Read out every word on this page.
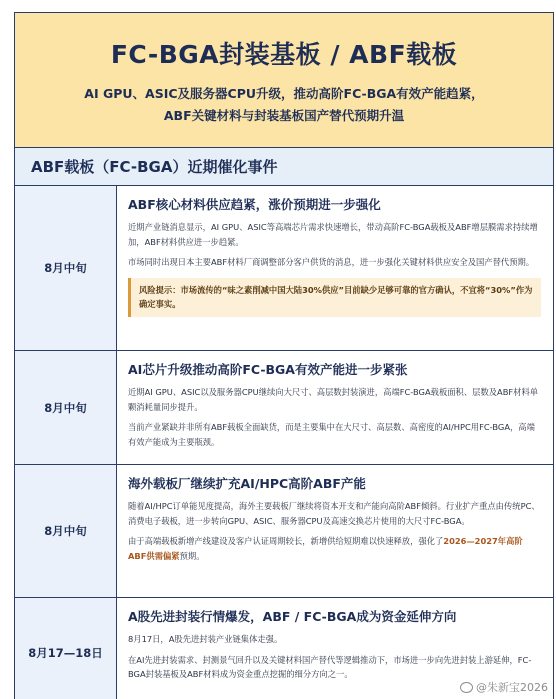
FC-BGA封装基板 / ABF载板
AI GPU、ASIC及服务器CPU升级，推动高阶FC-BGA有效产能趋紧，
ABF关键材料与封装基板国产替代预期升温
ABF载板（FC-BGA）近期催化事件
8月中旬
ABF核心材料供应趋紧，涨价预期进一步强化
近期产业链消息显示，AI GPU、ASIC等高端芯片需求快速增长，带动高阶FC-BGA载板及ABF增层膜需求持续增加，ABF材料供应进一步趋紧。
市场同时出现日本主要ABF材料厂商调整部分客户供货的消息，进一步强化关键材料供应安全及国产替代预期。
风险提示：市场流传的“味之素削减中国大陆30%供应”目前缺少足够可靠的官方确认，不宜将“30%”作为确定事实。
8月中旬
AI芯片升级推动高阶FC-BGA有效产能进一步紧张
近期AI GPU、ASIC以及服务器CPU继续向大尺寸、高层数封装演进，高端FC-BGA载板面积、层数及ABF材料单颗消耗量同步提升。
当前产业紧缺并非所有ABF载板全面缺货，而是主要集中在大尺寸、高层数、高密度的AI/HPC用FC-BGA，高端有效产能成为主要瓶颈。
8月中旬
海外载板厂继续扩充AI/HPC高阶ABF产能
随着AI/HPC订单能见度提高，海外主要载板厂继续将资本开支和产能向高阶ABF倾斜。行业扩产重点由传统PC、消费电子载板，进一步转向GPU、ASIC、服务器CPU及高速交换芯片使用的大尺寸FC-BGA。
由于高端载板新增产线建设及客户认证周期较长，新增供给短期难以快速释放，强化了2026—2027年高阶ABF供需偏紧预期。
8月17—18日
A股先进封装行情爆发，ABF / FC-BGA成为资金延伸方向
8月17日，A股先进封装产业链集体走强。
在AI先进封装需求、封测景气回升以及关键材料国产替代等逻辑推动下，市场进一步向先进封装上游延伸，FC-BGA封装基板及ABF材料成为资金重点挖掘的细分方向之一。
@朱新宝2026
